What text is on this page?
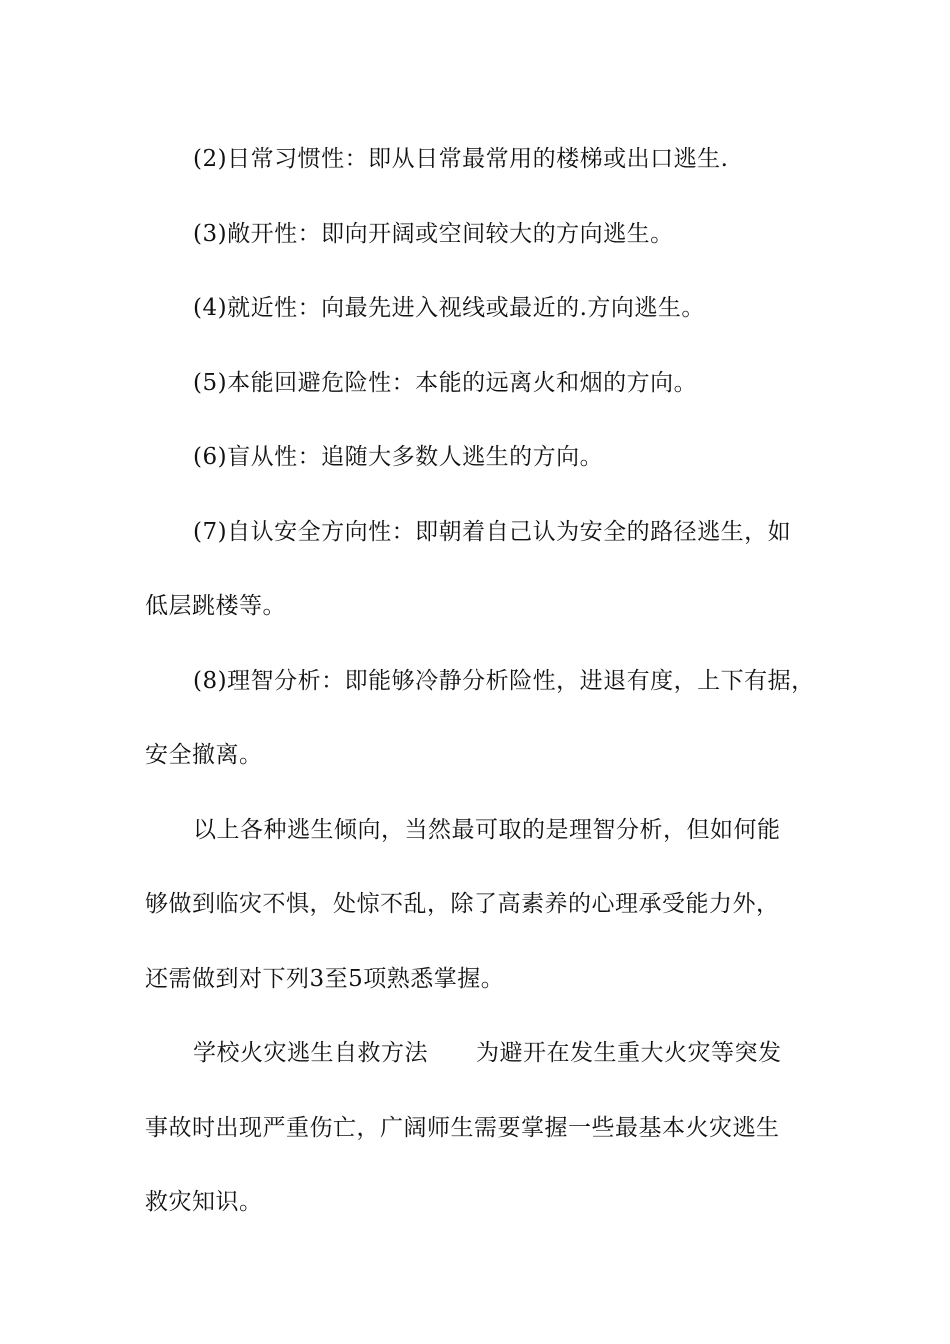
(2)日常习惯性：即从日常最常用的楼梯或出口逃生.
(3)敞开性：即向开阔或空间较大的方向逃生。
(4)就近性：向最先进入视线或最近的.方向逃生。
(5)本能回避危险性：本能的远离火和烟的方向。
(6)盲从性：追随大多数人逃生的方向。
(7)自认安全方向性：即朝着自己认为安全的路径逃生，如
低层跳楼等。
(8)理智分析：即能够冷静分析险性，进退有度，上下有据，
安全撤离。
以上各种逃生倾向，当然最可取的是理智分析，但如何能
够做到临灾不惧，处惊不乱，除了高素养的心理承受能力外，
还需做到对下列3至5项熟悉掌握。
学校火灾逃生自救方法 为避开在发生重大火灾等突发
事故时出现严重伤亡，广阔师生需要掌握一些最基本火灾逃生
救灾知识。
